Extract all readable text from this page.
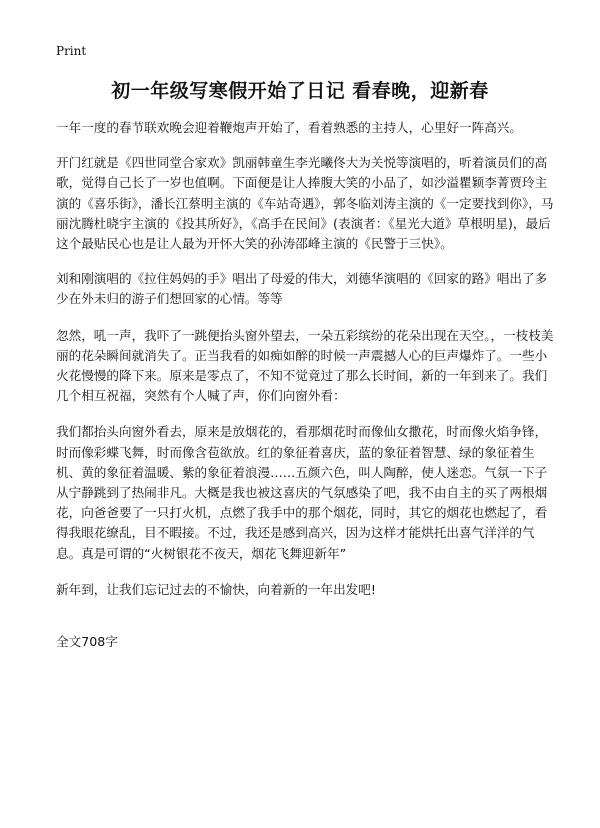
Print
初一年级写寒假开始了日记 看春晚，迎新春

一年一度的春节联欢晚会迎着鞭炮声开始了，看着熟悉的主持人，心里好一阵高兴。

开门红就是《四世同堂合家欢》凯丽韩童生李光曦佟大为关悦等演唱的，听着演员们的高歌，觉得自己长了一岁也值啊。下面便是让人捧腹大笑的小品了，如沙溢瞿颖李菁贾玲主演的《喜乐街》，潘长江蔡明主演的《车站奇遇》，郭冬临刘涛主演的《一定要找到你》，马丽沈腾杜晓宇主演的《投其所好》，《高手在民间》(表演者：《星光大道》草根明星)，最后这个最贴民心也是让人最为开怀大笑的孙涛邵峰主演的《民警于三快》。

刘和刚演唱的《拉住妈妈的手》唱出了母爱的伟大，刘德华演唱的《回家的路》唱出了多少在外未归的游子们想回家的心情。等等

忽然，吼一声，我吓了一跳便抬头窗外望去，一朵五彩缤纷的花朵出现在天空。，一枝枝美丽的花朵瞬间就消失了。正当我看的如痴如醉的时候一声震撼人心的巨声爆炸了。一些小火花慢慢的降下来。原来是零点了，不知不觉竟过了那么长时间，新的一年到来了。我们几个相互祝福，突然有个人喊了声，你们向窗外看：

我们都抬头向窗外看去，原来是放烟花的，看那烟花时而像仙女撒花，时而像火焰争锋，时而像彩蝶飞舞，时而像含苞欲放。红的象征着喜庆，蓝的象征着智慧、绿的象征着生机、黄的象征着温暖、紫的象征着浪漫……五颜六色，叫人陶醉，使人迷恋。气氛一下子从宁静跳到了热闹非凡。大概是我也被这喜庆的气氛感染了吧，我不由自主的买了两根烟花，向爸爸要了一只打火机，点燃了我手中的那个烟花，同时，其它的烟花也燃起了，看得我眼花缭乱，目不暇接。不过，我还是感到高兴，因为这样才能烘托出喜气洋洋的气息。真是可谓的“火树银花不夜天，烟花飞舞迎新年”

新年到，让我们忘记过去的不愉快，向着新的一年出发吧!

全文708字
